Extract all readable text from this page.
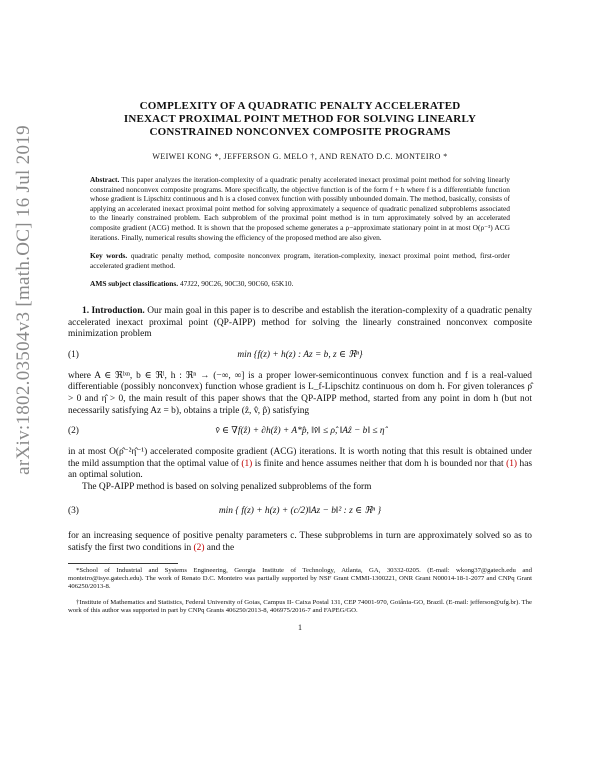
arXiv:1802.03504v3 [math.OC] 16 Jul 2019

COMPLEXITY OF A QUADRATIC PENALTY ACCELERATED
INEXACT PROXIMAL POINT METHOD FOR SOLVING LINEARLY
CONSTRAINED NONCONVEX COMPOSITE PROGRAMS

WEIWEI KONG *, JEFFERSON G. MELO †, AND RENATO D.C. MONTEIRO *

Abstract. This paper analyzes the iteration-complexity of a quadratic penalty accelerated inexact proximal point method for solving linearly constrained nonconvex composite programs. More specifically, the objective function is of the form f + h where f is a differentiable function whose gradient is Lipschitz continuous and h is a closed convex function with possibly unbounded domain. The method, basically, consists of applying an accelerated inexact proximal point method for solving approximately a sequence of quadratic penalized subproblems associated to the linearly constrained problem. Each subproblem of the proximal point method is in turn approximately solved by an accelerated composite gradient (ACG) method. It is shown that the proposed scheme generates a ρ−approximate stationary point in at most O(ρ⁻³) ACG iterations. Finally, numerical results showing the efficiency of the proposed method are also given.

Key words. quadratic penalty method, composite nonconvex program, iteration-complexity, inexact proximal point method, first-order accelerated gradient method.

AMS subject classifications. 47J22, 90C26, 90C30, 90C60, 65K10.

1. Introduction. Our main goal in this paper is to describe and establish the iteration-complexity of a quadratic penalty accelerated inexact proximal point (QP-AIPP) method for solving the linearly constrained nonconvex composite minimization problem

(1)	min {f(z) + h(z) : Az = b, z ∈ ℜⁿ}

where A ∈ ℜˡˣⁿ, b ∈ ℜˡ, h : ℜⁿ → (−∞, ∞] is a proper lower-semicontinuous convex function and f is a real-valued differentiable (possibly nonconvex) function whose gradient is L_f-Lipschitz continuous on dom h. For given tolerances ρ̂ > 0 and η̂ > 0, the main result of this paper shows that the QP-AIPP method, started from any point in dom h (but not necessarily satisfying Az = b), obtains a triple (ẑ, v̂, p̂) satisfying

(2)	v̂ ∈ ∇f(ẑ) + ∂h(ẑ) + A*p̂, ‖v̂‖ ≤ ρ̂, ‖Aẑ − b‖ ≤ η̂

in at most O(ρ̂⁻²η̂⁻¹) accelerated composite gradient (ACG) iterations. It is worth noting that this result is obtained under the mild assumption that the optimal value of (1) is finite and hence assumes neither that dom h is bounded nor that (1) has an optimal solution.

The QP-AIPP method is based on solving penalized subproblems of the form

(3)	min { f(z) + h(z) + (c/2)‖Az − b‖² : z ∈ ℜⁿ }

for an increasing sequence of positive penalty parameters c. These subproblems in turn are approximately solved so as to satisfy the first two conditions in (2) and the

*School of Industrial and Systems Engineering, Georgia Institute of Technology, Atlanta, GA, 30332-0205. (E-mail: wkong37@gatech.edu and monteiro@isye.gatech.edu). The work of Renato D.C. Monteiro was partially supported by NSF Grant CMMI-1300221, ONR Grant N00014-18-1-2077 and CNPq Grant 406250/2013-8.

†Institute of Mathematics and Statistics, Federal University of Goias, Campus II- Caixa Postal 131, CEP 74001-970, Goiânia-GO, Brazil. (E-mail: jefferson@ufg.br). The work of this author was supported in part by CNPq Grants 406250/2013-8, 406975/2016-7 and FAPEG/GO.

1
